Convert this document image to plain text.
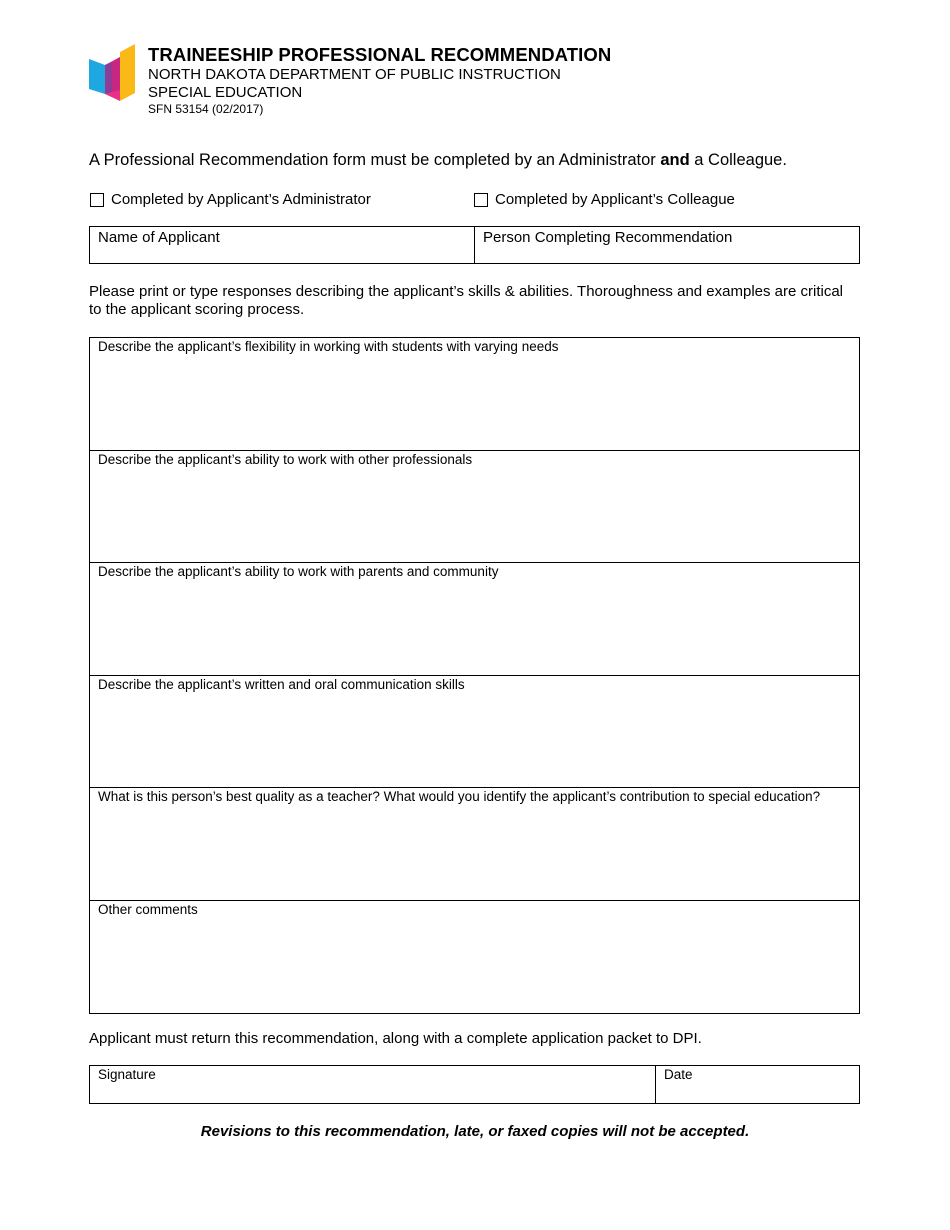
TRAINEESHIP PROFESSIONAL RECOMMENDATION
NORTH DAKOTA DEPARTMENT OF PUBLIC INSTRUCTION
SPECIAL EDUCATION
SFN 53154 (02/2017)
A Professional Recommendation form must be completed by an Administrator and a Colleague.
Completed by Applicant’s Administrator	Completed by Applicant’s Colleague
Name of Applicant	Person Completing Recommendation
Please print or type responses describing the applicant’s skills & abilities. Thoroughness and examples are critical to the applicant scoring process.
Describe the applicant’s flexibility in working with students with varying needs
Describe the applicant’s ability to work with other professionals
Describe the applicant’s ability to work with parents and community
Describe the applicant’s written and oral communication skills
What is this person’s best quality as a teacher? What would you identify the applicant’s contribution to special education?
Other comments
Applicant must return this recommendation, along with a complete application packet to DPI.
Signature	Date
Revisions to this recommendation, late, or faxed copies will not be accepted.
